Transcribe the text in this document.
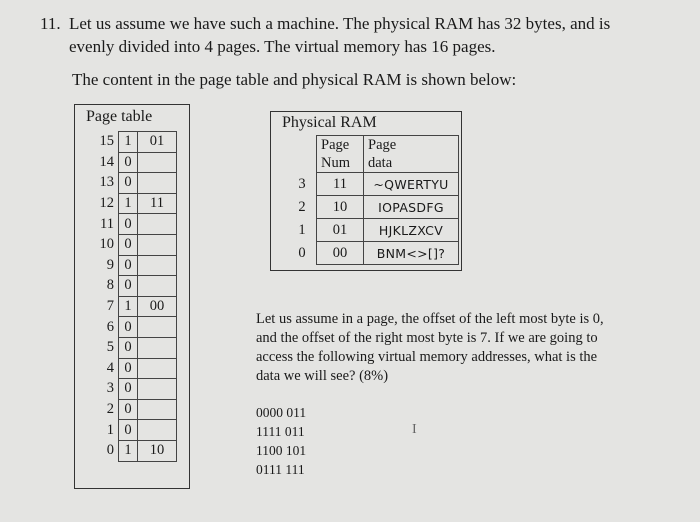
11. Let us assume we have such a machine. The physical RAM has 32 bytes, and is
evenly divided into 4 pages. The virtual memory has 16 pages.
The content in the page table and physical RAM is shown below:
Page table
15	1	01
14	0	
13	0	
12	1	11
11	0	
10	0	
9	0	
8	0	
7	1	00
6	0	
5	0	
4	0	
3	0	
2	0	
1	0	
0	1	10
Physical RAM
	Page	Page
	Num	data
3	11	~QWERTYU
2	10	IOPASDFG
1	01	HJKLZXCV
0	00	BNM<>[]?
Let us assume in a page, the offset of the left most byte is 0,
and the offset of the right most byte is 7. If we are going to
access the following virtual memory addresses, what is the
data we will see? (8%)
0000 011
1111 011
1100 101
0111 111
I
